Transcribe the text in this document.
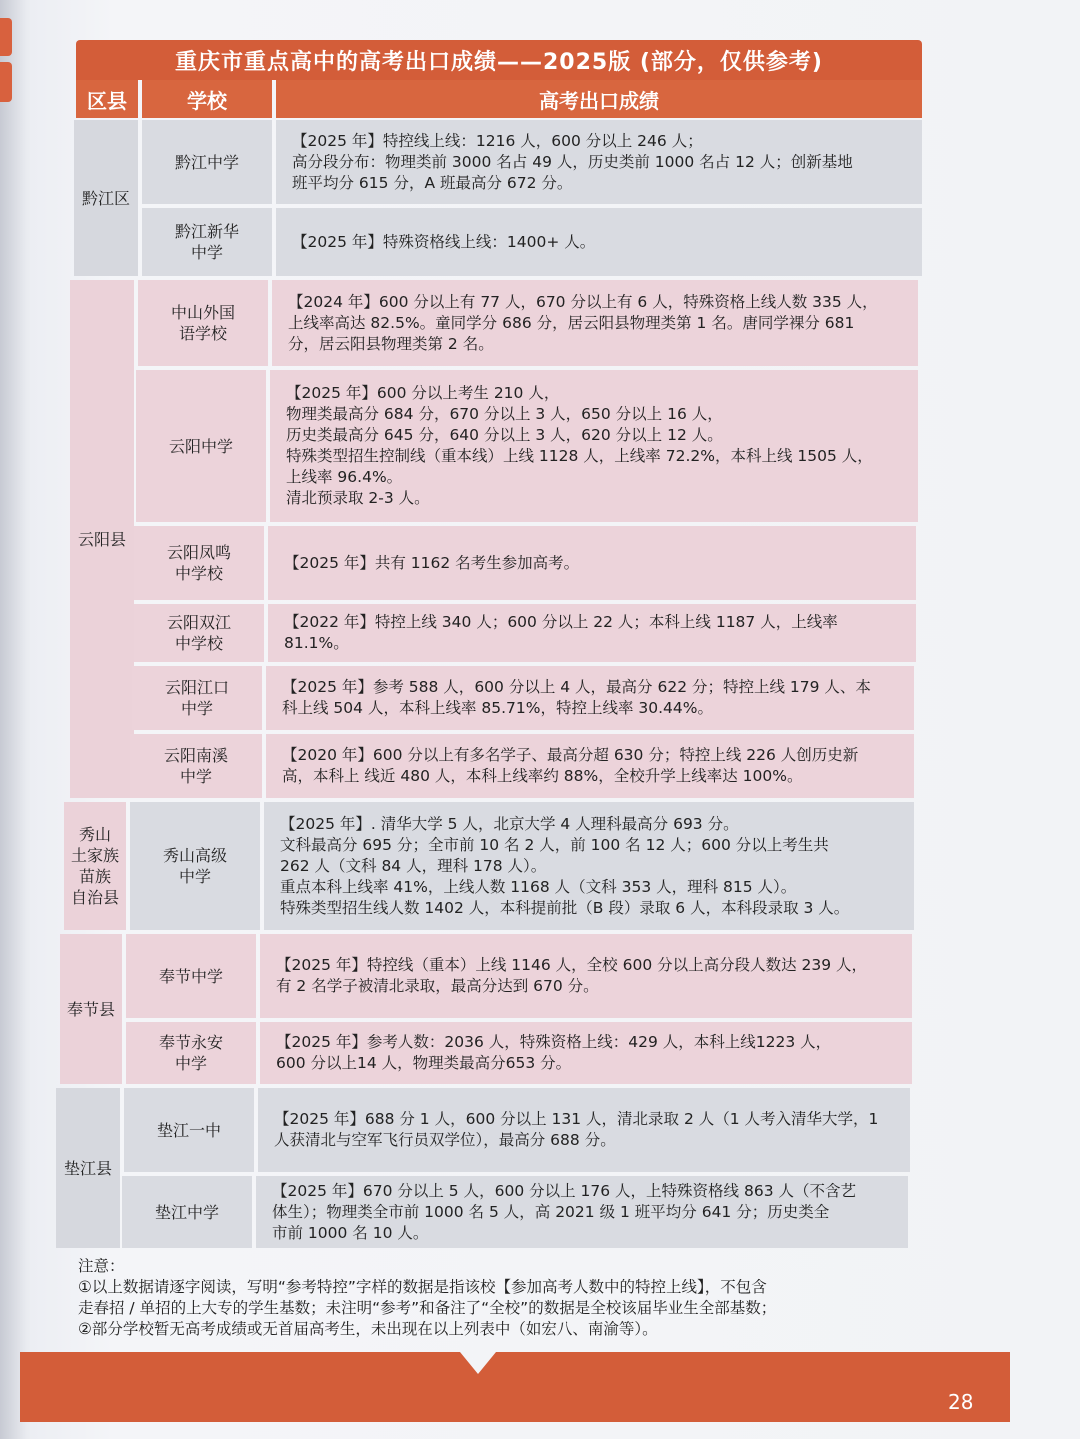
重庆市重点高中的高考出口成绩——2025版 (部分，仅供参考)
区县	学校	高考出口成绩
黔江区
云阳县
秀山
土家族
苗族
自治县
奉节县
垫江县
黔江中学
【2025 年】特控线上线：1216 人，600 分以上 246 人；
高分段分布：物理类前 3000 名占 49 人，历史类前 1000 名占 12 人；创新基地
班平均分 615 分，A 班最高分 672 分。
黔江新华
中学
【2025 年】特殊资格线上线：1400+ 人。
中山外国
语学校
【2024 年】600 分以上有 77 人，670 分以上有 6 人，特殊资格上线人数 335 人，
上线率高达 82.5%。童同学分 686 分，居云阳县物理类第 1 名。唐同学裸分 681
分，居云阳县物理类第 2 名。
云阳中学
【2025 年】600 分以上考生 210 人，
物理类最高分 684 分，670 分以上 3 人，650 分以上 16 人，
历史类最高分 645 分，640 分以上 3 人，620 分以上 12 人。
特殊类型招生控制线（重本线）上线 1128 人，上线率 72.2%，本科上线 1505 人，
上线率 96.4%。
清北预录取 2-3 人。
云阳凤鸣
中学校
【2025 年】共有 1162 名考生参加高考。
云阳双江
中学校
【2022 年】特控上线 340 人；600 分以上 22 人；本科上线 1187 人，上线率 81.1%。
云阳江口
中学
【2025 年】参考 588 人，600 分以上 4 人，最高分 622 分；特控上线 179 人、本
科上线 504 人，本科上线率 85.71%，特控上线率 30.44%。
云阳南溪
中学
【2020 年】600 分以上有多名学子、最高分超 630 分；特控上线 226 人创历史新
高，本科上 线近 480 人，本科上线率约 88%，全校升学上线率达 100%。
秀山高级
中学
【2025 年】. 清华大学 5 人，北京大学 4 人理科最高分 693 分。
文科最高分 695 分；全市前 10 名 2 人，前 100 名 12 人；600 分以上考生共
262 人（文科 84 人，理科 178 人）。
重点本科上线率 41%，上线人数 1168 人（文科 353 人，理科 815 人）。
特殊类型招生线人数 1402 人，本科提前批（B 段）录取 6 人，本科段录取 3 人。
奉节中学
【2025 年】特控线（重本）上线 1146 人，全校 600 分以上高分段人数达 239 人，
有 2 名学子被清北录取，最高分达到 670 分。
奉节永安
中学
【2025 年】参考人数：2036 人，特殊资格上线：429 人，本科上线1223 人，
600 分以上14 人，物理类最高分653 分。
垫江一中
【2025 年】688 分 1 人，600 分以上 131 人，清北录取 2 人（1 人考入清华大学，1
人获清北与空军飞行员双学位），最高分 688 分。
垫江中学
【2025 年】670 分以上 5 人，600 分以上 176 人，上特殊资格线 863 人（不含艺
体生）；物理类全市前 1000 名 5 人，高 2021 级 1 班平均分 641 分；历史类全
市前 1000 名 10 人。
注意：
①以上数据请逐字阅读，写明“参考特控”字样的数据是指该校【参加高考人数中的特控上线】，不包含
走春招 / 单招的上大专的学生基数；未注明“参考”和备注了“全校”的数据是全校该届毕业生全部基数；
②部分学校暂无高考成绩或无首届高考生，未出现在以上列表中（如宏八、南渝等）。
28
